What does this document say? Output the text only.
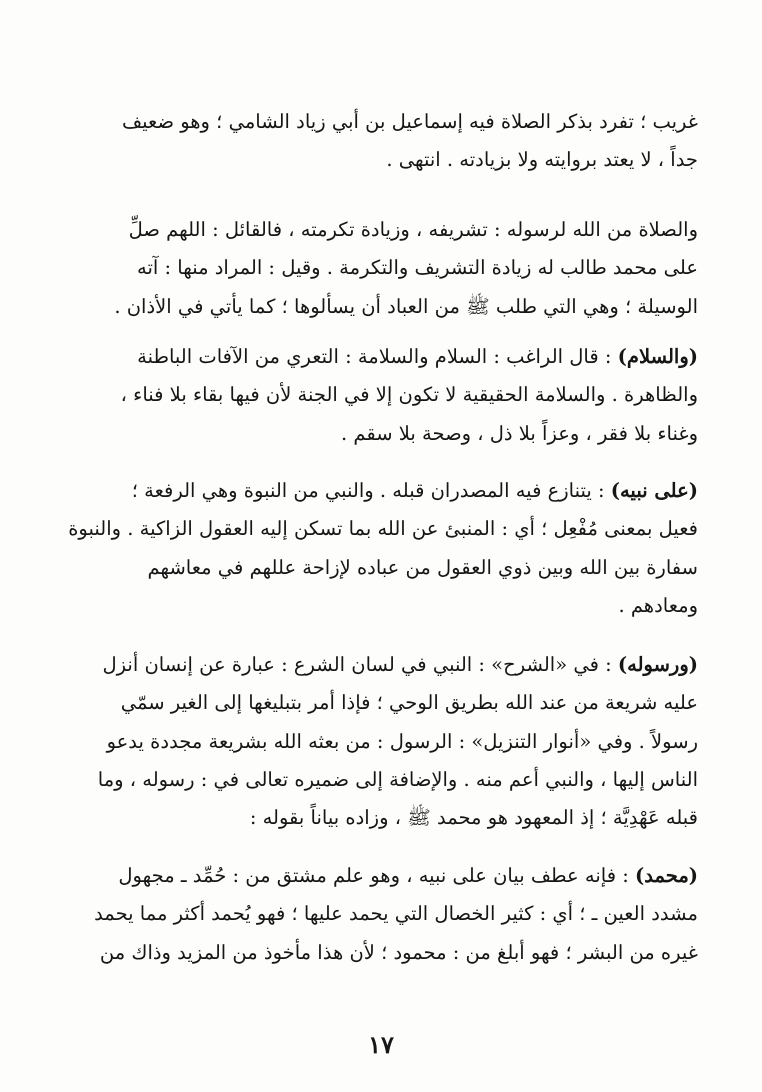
غريب ؛ تفرد بذكر الصلاة فيه إسماعيل بن أبي زياد الشامي ؛ وهو ضعيف
جداً ، لا يعتد بروايته ولا بزيادته . انتهى .
والصلاة من الله لرسوله : تشريفه ، وزيادة تكرمته ، فالقائل : اللهم صلِّ
على محمد طالب له زيادة التشريف والتكرمة . وقيل : المراد منها : آته
الوسيلة ؛ وهي التي طلب ﷺ من العباد أن يسألوها ؛ كما يأتي في الأذان .
(والسلام) : قال الراغب : السلام والسلامة : التعري من الآفات الباطنة
والظاهرة . والسلامة الحقيقية لا تكون إلا في الجنة لأن فيها بقاء بلا فناء ،
وغناء بلا فقر ، وعزاً بلا ذل ، وصحة بلا سقم .
(على نبيه) : يتنازع فيه المصدران قبله . والنبي من النبوة وهي الرفعة ؛
فعيل بمعنى مُفْعِل ؛ أي : المنبئ عن الله بما تسكن إليه العقول الزاكية . والنبوة
سفارة بين الله وبين ذوي العقول من عباده لإزاحة عللهم في معاشهم
ومعادهم .
(ورسوله) : في «الشرح» : النبي في لسان الشرع : عبارة عن إنسان أنزل
عليه شريعة من عند الله بطريق الوحي ؛ فإذا أمر بتبليغها إلى الغير سمّي
رسولاً . وفي «أنوار التنزيل» : الرسول : من بعثه الله بشريعة مجددة يدعو
الناس إليها ، والنبي أعم منه . والإضافة إلى ضميره تعالى في : رسوله ، وما
قبله عَهْدِيَّة ؛ إذ المعهود هو محمد ﷺ ، وزاده بياناً بقوله :
(محمد) : فإنه عطف بيان على نبيه ، وهو علم مشتق من : حُمِّد ـ مجهول
مشدد العين ـ ؛ أي : كثير الخصال التي يحمد عليها ؛ فهو يُحمد أكثر مما يحمد
غيره من البشر ؛ فهو أبلغ من : محمود ؛ لأن هذا مأخوذ من المزيد وذاك من
١٧
